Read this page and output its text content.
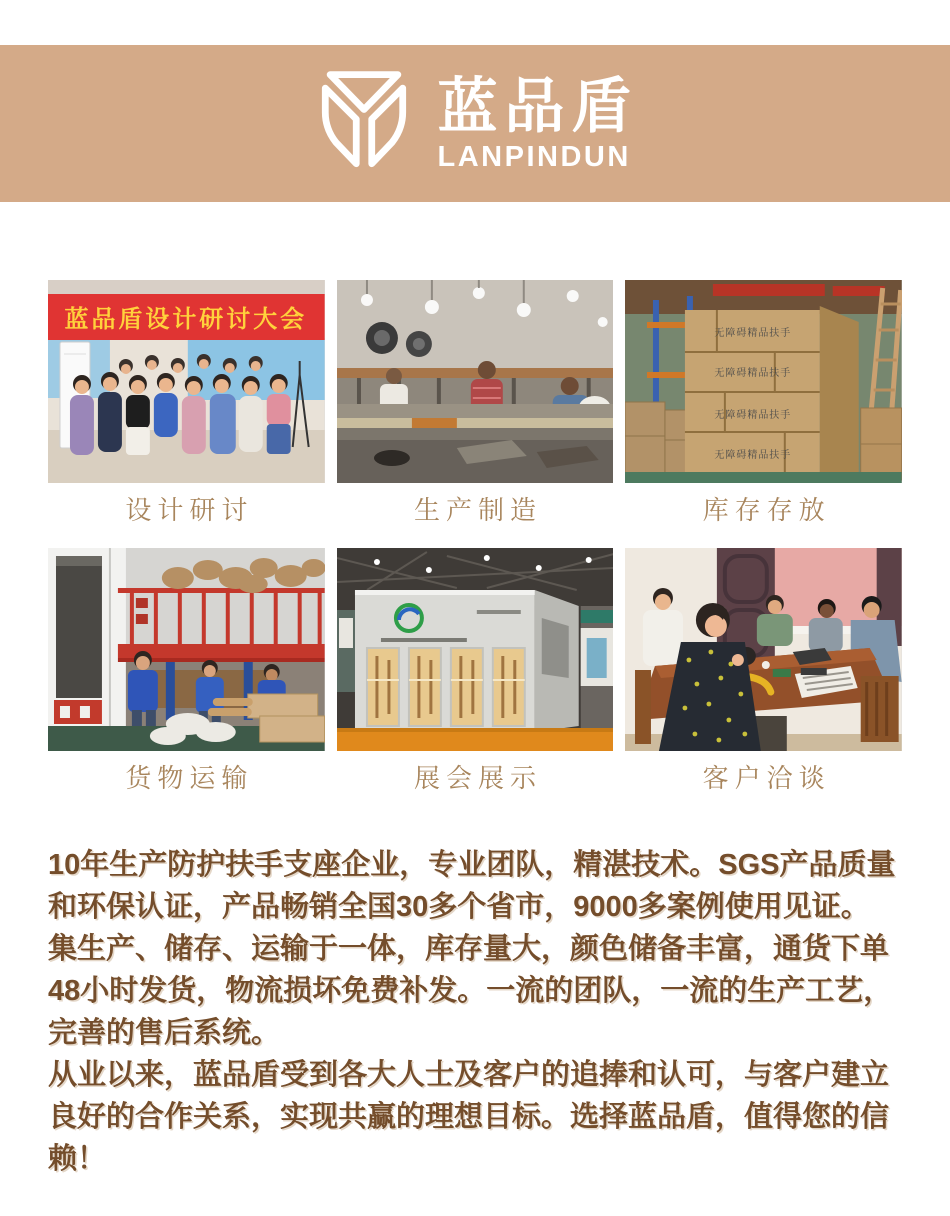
蓝品盾
LANPINDUN
蓝品盾设计研讨大会
设计研讨	生产制造
无障碍精品扶手
无障碍精品扶手
无障碍精品扶手
无障碍精品扶手
库存存放
货物运输	展会展示	客户洽谈

10年生产防护扶手支座企业，专业团队，精湛技术。SGS产品质量和环保认证，产品畅销全国30多个省市，9000多案例使用见证。

集生产、储存、运输于一体，库存量大，颜色储备丰富，通货下单48小时发货，物流损坏免费补发。一流的团队，一流的生产工艺，完善的售后系统。

从业以来，蓝品盾受到各大人士及客户的追捧和认可，与客户建立良好的合作关系，实现共赢的理想目标。选择蓝品盾，值得您的信赖！
